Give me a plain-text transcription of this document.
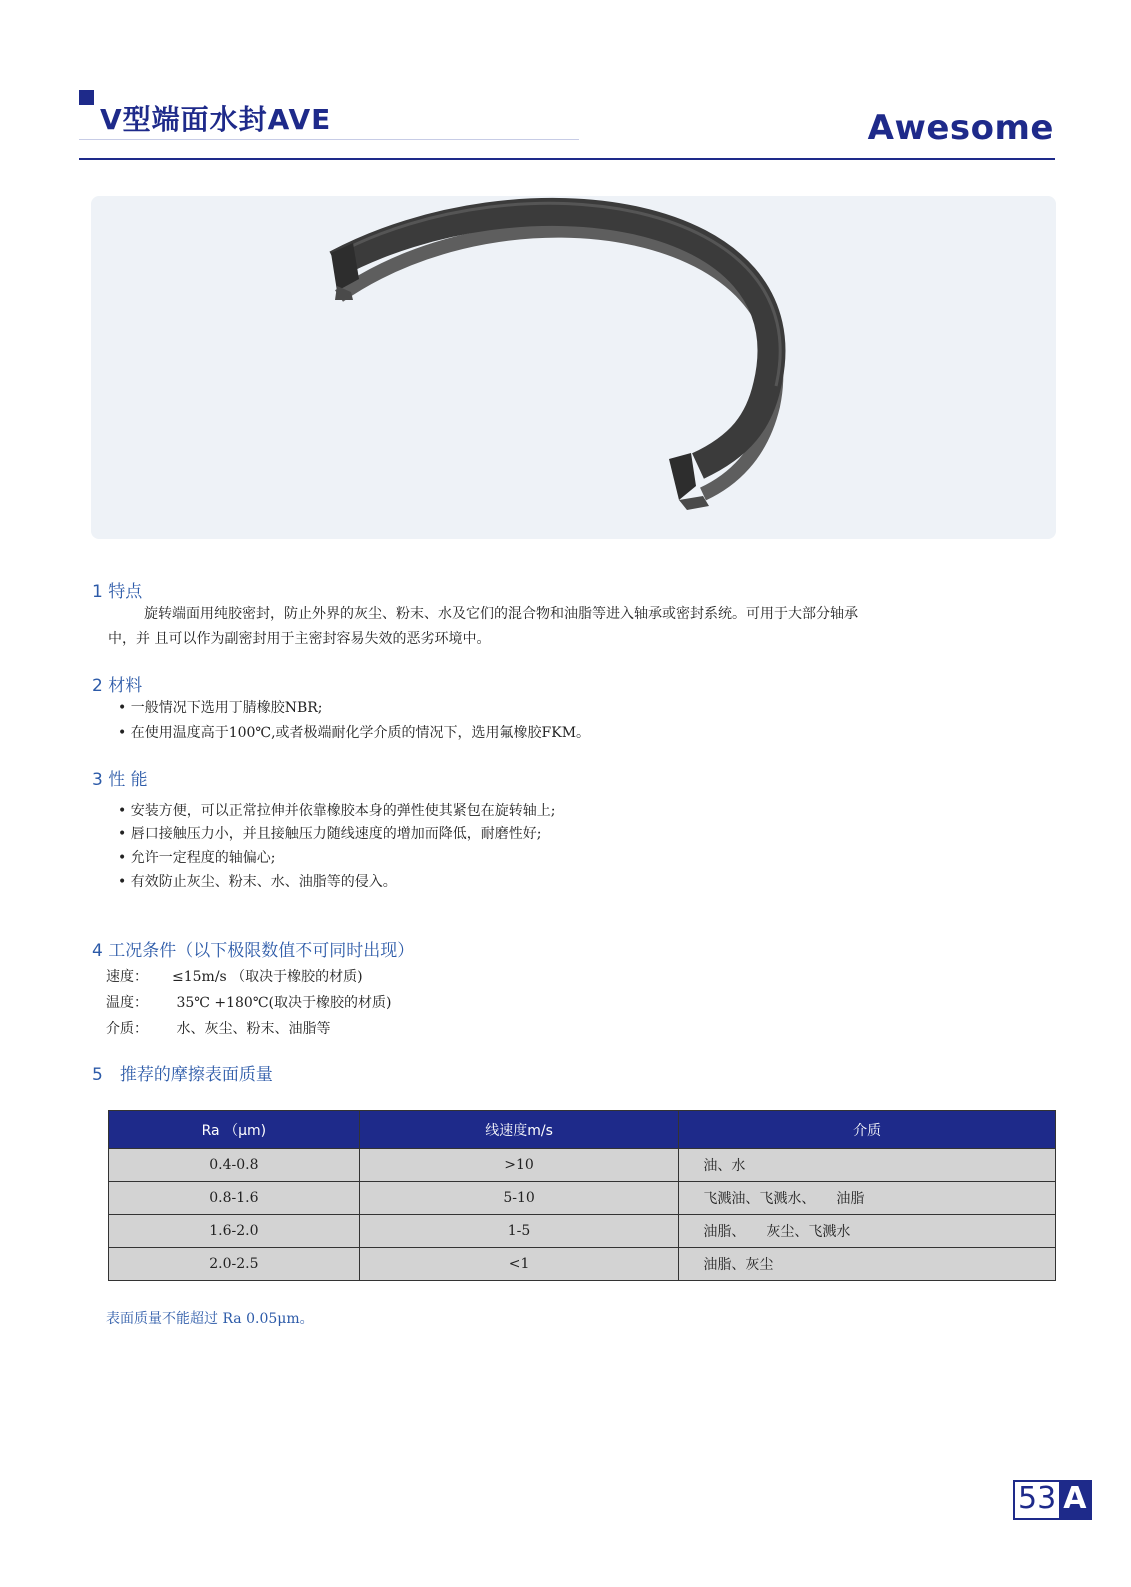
V型端面水封AVE	Awesome
1 特点
旋转端面用纯胶密封，防止外界的灰尘、粉末、水及它们的混合物和油脂等进入轴承或密封系统。可用于大部分轴承
中，并 且可以作为副密封用于主密封容易失效的恶劣环境中。
2 材料
• 一般情况下选用丁腈橡胶NBR;
• 在使用温度高于100℃,或者极端耐化学介质的情况下，选用氟橡胶FKM。
3 性 能
• 安装方便，可以正常拉伸并依靠橡胶本身的弹性使其紧包在旋转轴上;
• 唇口接触压力小，并且接触压力随线速度的增加而降低，耐磨性好;
• 允许一定程度的轴偏心;
• 有效防止灰尘、粉末、水、油脂等的侵入。
4 工况条件（以下极限数值不可同时出现）
速度： ≤15m/s （取决于橡胶的材质)
温度： 35℃ +180℃(取决于橡胶的材质)
介质： 水、灰尘、粉末、油脂等
5　推荐的摩擦表面质量
Ra （μm)	线速度m/s	介质
0.4-0.8	>10	油、水
0.8-1.6	5-10	飞溅油、飞溅水、　　油脂
1.6-2.0	1-5	油脂、　　灰尘、飞溅水
2.0-2.5	<1	油脂、灰尘
表面质量不能超过 Ra 0.05μm。
53 A
